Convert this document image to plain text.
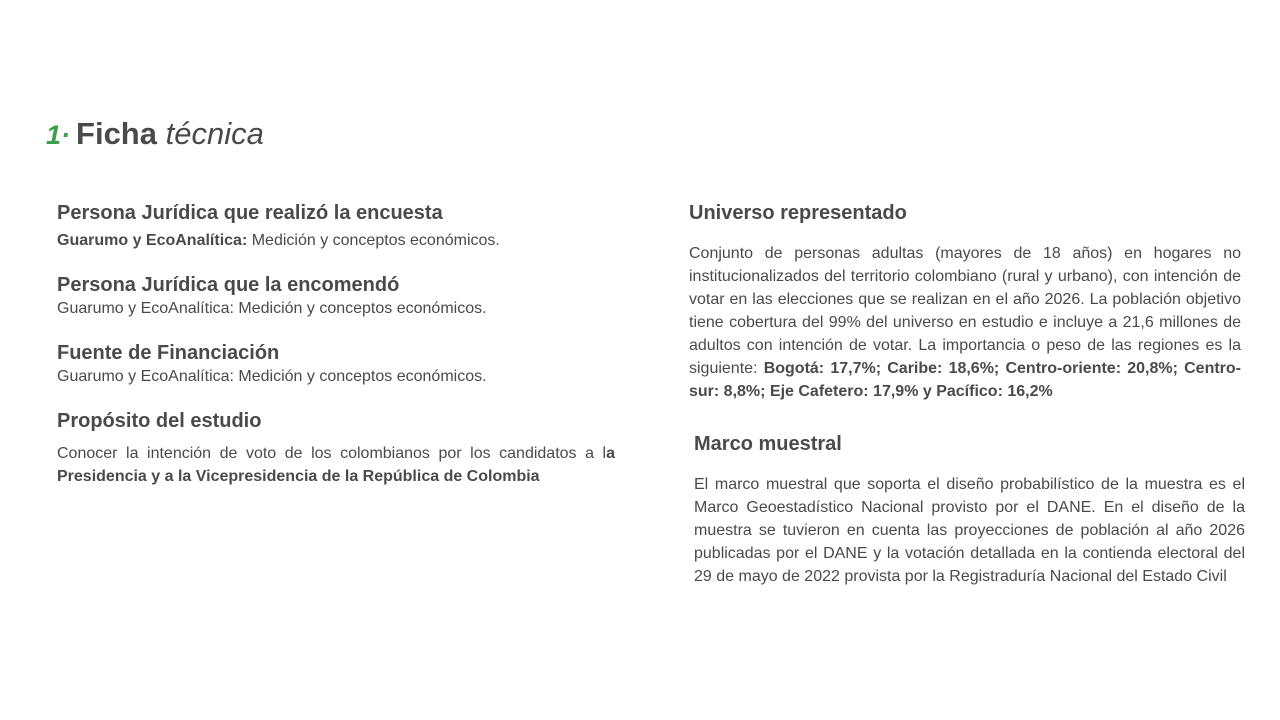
1· Ficha técnica
Persona Jurídica que realizó la encuesta
Guarumo y EcoAnalítica: Medición y conceptos económicos.
Persona Jurídica que la encomendó
Guarumo y EcoAnalítica: Medición y conceptos económicos.
Fuente de Financiación
Guarumo y EcoAnalítica: Medición y conceptos económicos.
Propósito del estudio
Conocer la intención de voto de los colombianos por los candidatos a la Presidencia y a la Vicepresidencia de la República de Colombia
Universo representado
Conjunto de personas adultas (mayores de 18 años) en hogares no institucionalizados del territorio colombiano (rural y urbano), con intención de votar en las elecciones que se realizan en el año 2026. La población objetivo tiene cobertura del 99% del universo en estudio e incluye a 21,6 millones de adultos con intención de votar. La importancia o peso de las regiones es la siguiente: Bogotá: 17,7%; Caribe: 18,6%; Centro-oriente: 20,8%; Centro-sur: 8,8%; Eje Cafetero: 17,9% y Pacífico: 16,2%
Marco muestral
El marco muestral que soporta el diseño probabilístico de la muestra es el Marco Geoestadístico Nacional provisto por el DANE. En el diseño de la muestra se tuvieron en cuenta las proyecciones de población al año 2026 publicadas por el DANE y la votación detallada en la contienda electoral del 29 de mayo de 2022 provista por la Registraduría Nacional del Estado Civil
